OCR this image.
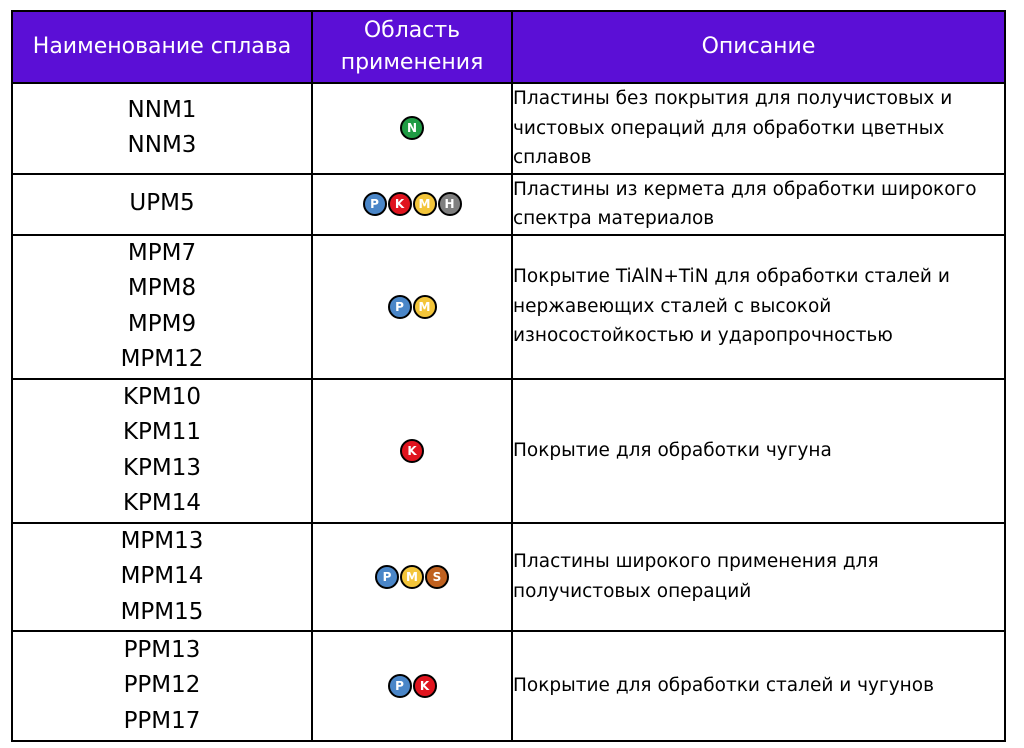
Наименование сплава	Область применения	Описание

NNM1
NNM3	N	Пластины без покрытия для получистовых и чистовых операций для обработки цветных сплавов

UPM5	P K M H	Пластины из кермета для обработки широкого спектра материалов

MPM7
MPM8
MPM9
MPM12	P M	Покрытие TiAlN+TiN для обработки сталей и нержавеющих сталей с высокой износостойкостью и ударопрочностью

KPM10
KPM11
KPM13
KPM14	K	Покрытие для обработки чугуна

MPM13
MPM14
MPM15	P M S	Пластины широкого применения для получистовых операций

PPM13
PPM12
PPM17	P K	Покрытие для обработки сталей и чугунов
